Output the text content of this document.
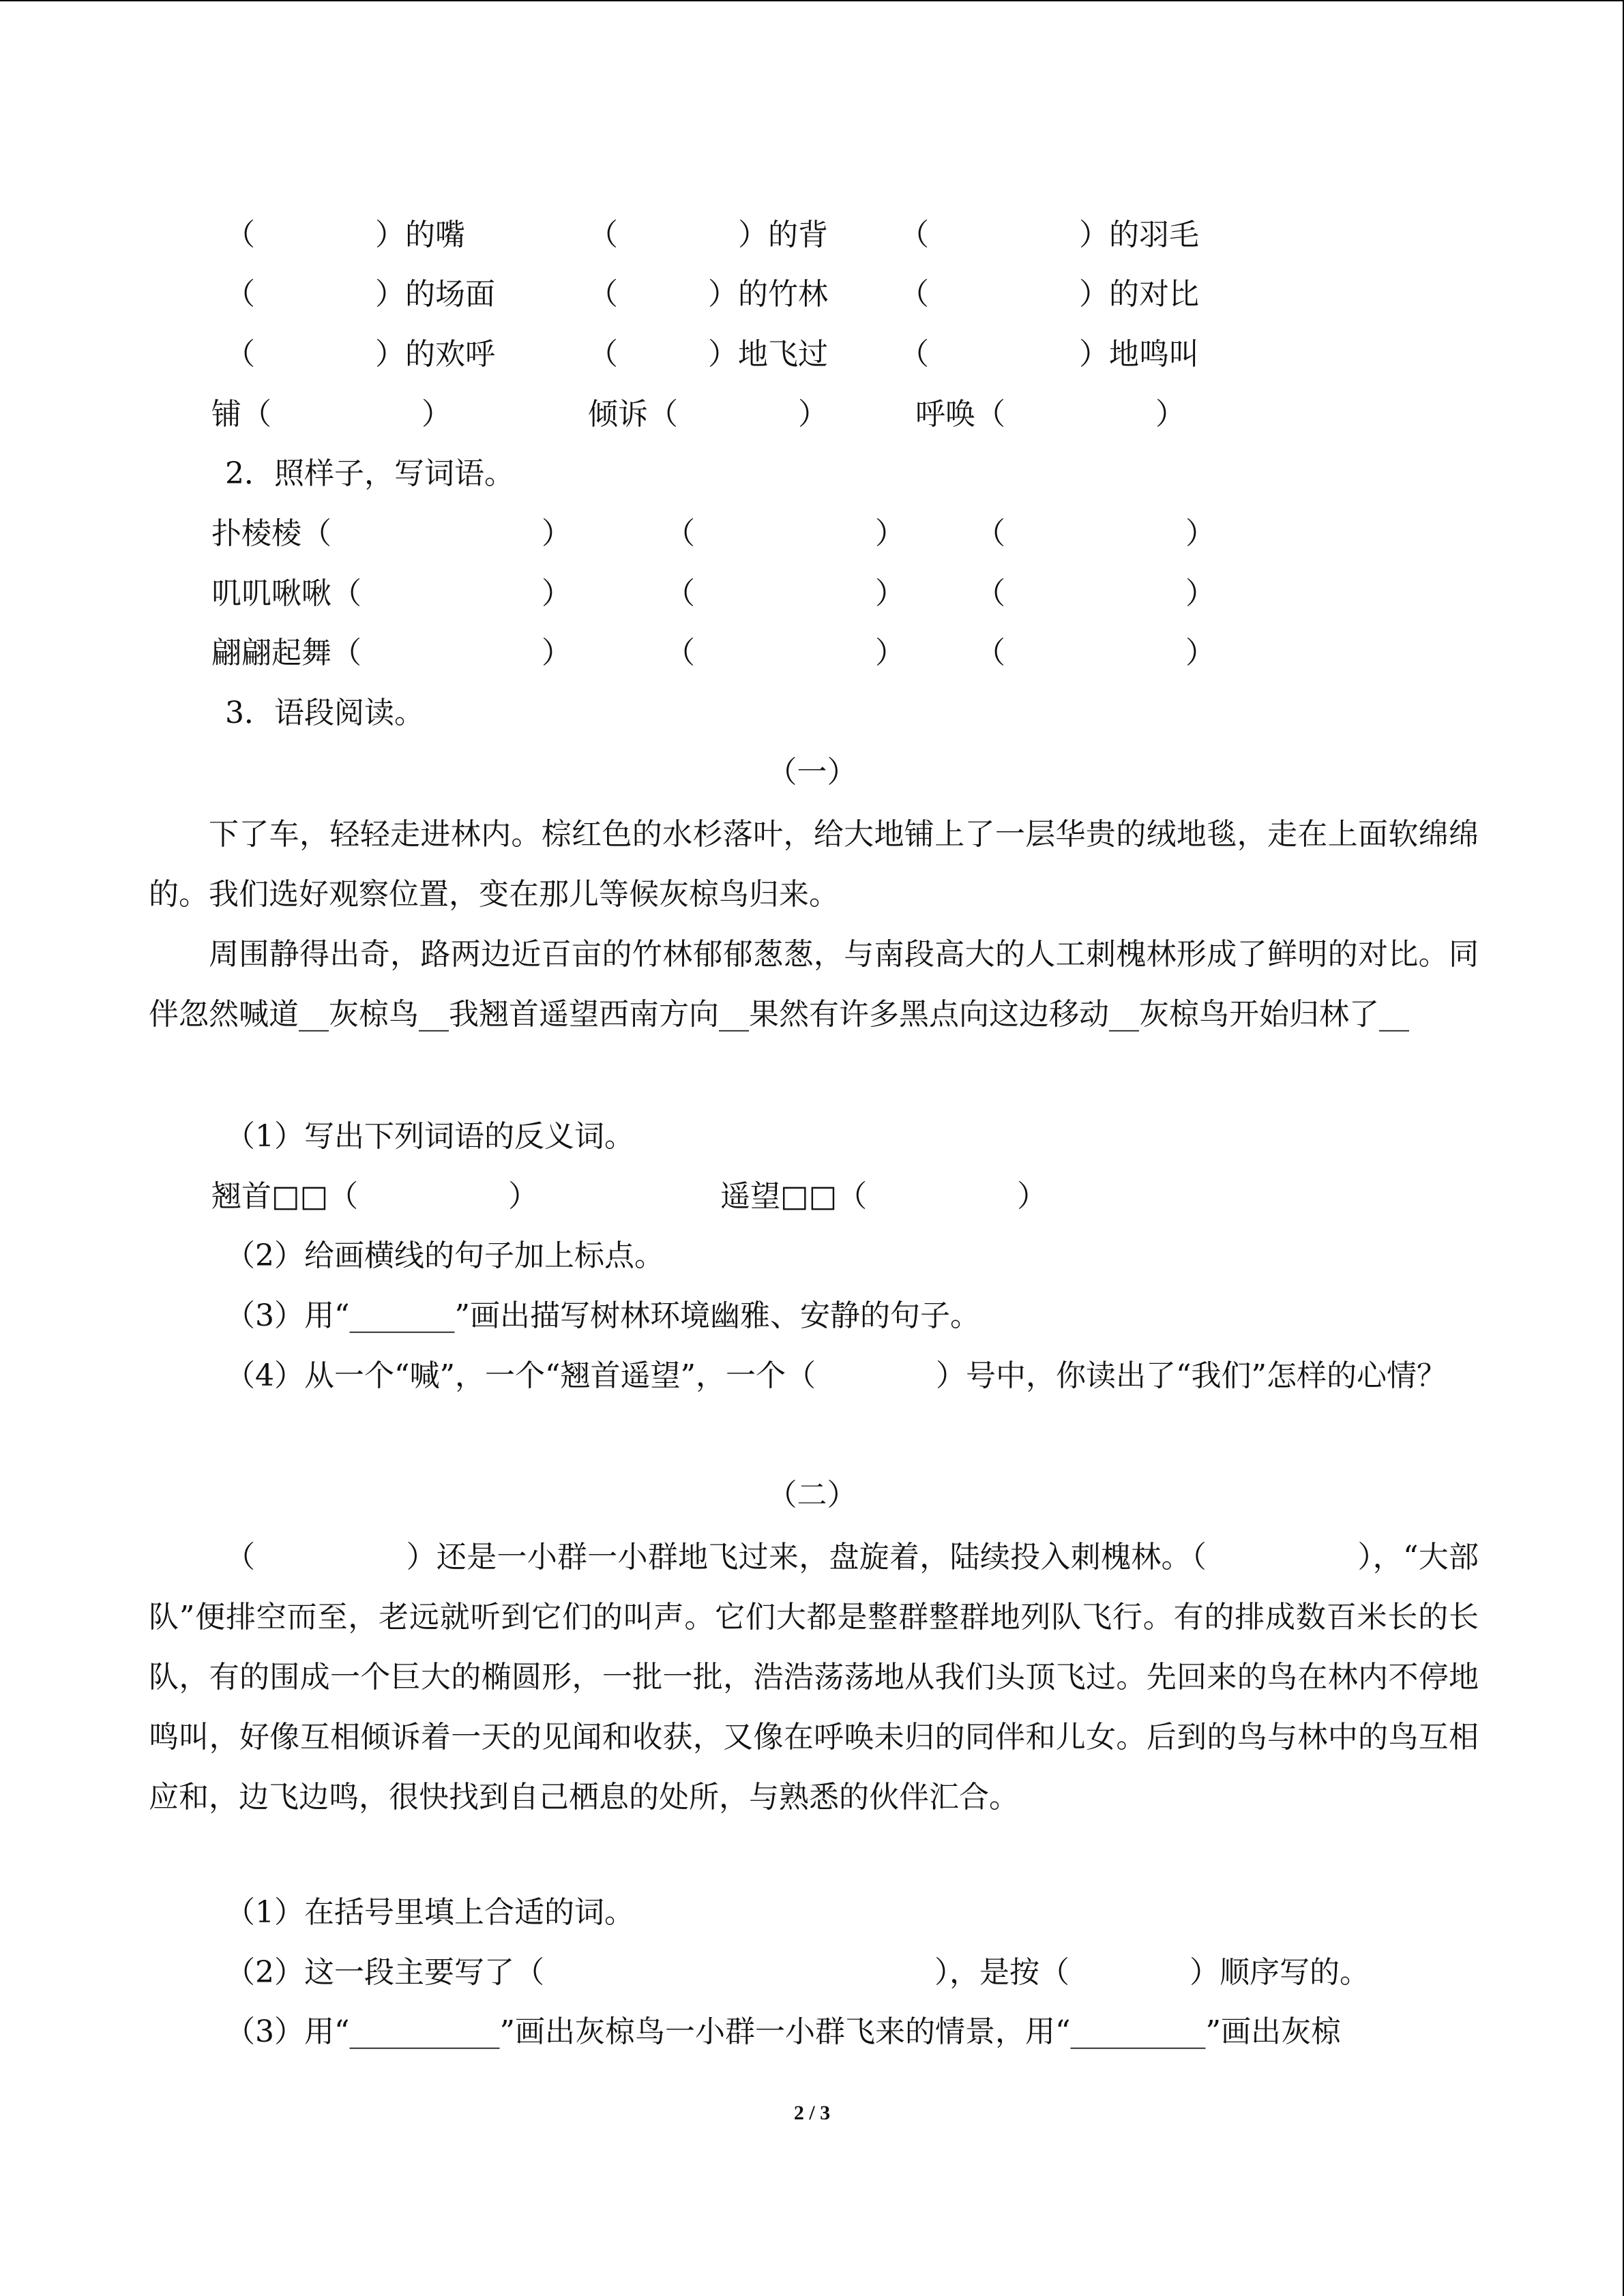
（　　　　）的嘴	（　　　　）的背 （　　　　　）的羽毛
（　　　　）的场面	（　　　）的竹林 （　　　　　）的对比
（　　　　）的欢呼	（　　　）地飞过 （　　　　　）地鸣叫
铺（　　　　　）	倾诉（　　　　）	呼唤（　　　　　）
2．照样子，写词语。
扑棱棱（　　　　　　　）	（　　　　　　） （　　　　　　）
叽叽啾啾（　　　　　　）	（　　　　　　） （　　　　　　）
翩翩起舞（　　　　　　）	（　　　　　　） （　　　　　　）
3．语段阅读。
（一）
下了车，轻轻走进林内。棕红色的水杉落叶，给大地铺上了一层华贵的绒地毯，走在上面软绵绵的。我们选好观察位置，变在那儿等候灰椋鸟归来。
周围静得出奇，路两边近百亩的竹林郁郁葱葱，与南段高大的人工刺槐林形成了鲜明的对比。同伴忽然喊道__灰椋鸟__我翘首遥望西南方向__果然有许多黑点向这边移动__灰椋鸟开始归林了__
（1）写出下列词语的反义词。
翘首□□（　　　　　）	遥望□□（　　　　　）
（2）给画横线的句子加上标点。
（3）用“_______”画出描写树林环境幽雅、安静的句子。
（4）从一个“喊”，一个“翘首遥望”，一个（　　　　）号中，你读出了“我们”怎样的心情？
（二）
（　　　　　）还是一小群一小群地飞过来，盘旋着，陆续投入刺槐林。（　　　　　），“大部队”便排空而至，老远就听到它们的叫声。它们大都是整群整群地列队飞行。有的排成数百米长的长队，有的围成一个巨大的椭圆形，一批一批，浩浩荡荡地从我们头顶飞过。先回来的鸟在林内不停地鸣叫，好像互相倾诉着一天的见闻和收获，又像在呼唤未归的同伴和儿女。后到的鸟与林中的鸟互相应和，边飞边鸣，很快找到自己栖息的处所，与熟悉的伙伴汇合。
（1）在括号里填上合适的词。
（2）这一段主要写了（　　　　　　　　　　　　　），是按（　　　　）顺序写的。
（3）用“__________”画出灰椋鸟一小群一小群飞来的情景，用“_________”画出灰椋
2 / 3
